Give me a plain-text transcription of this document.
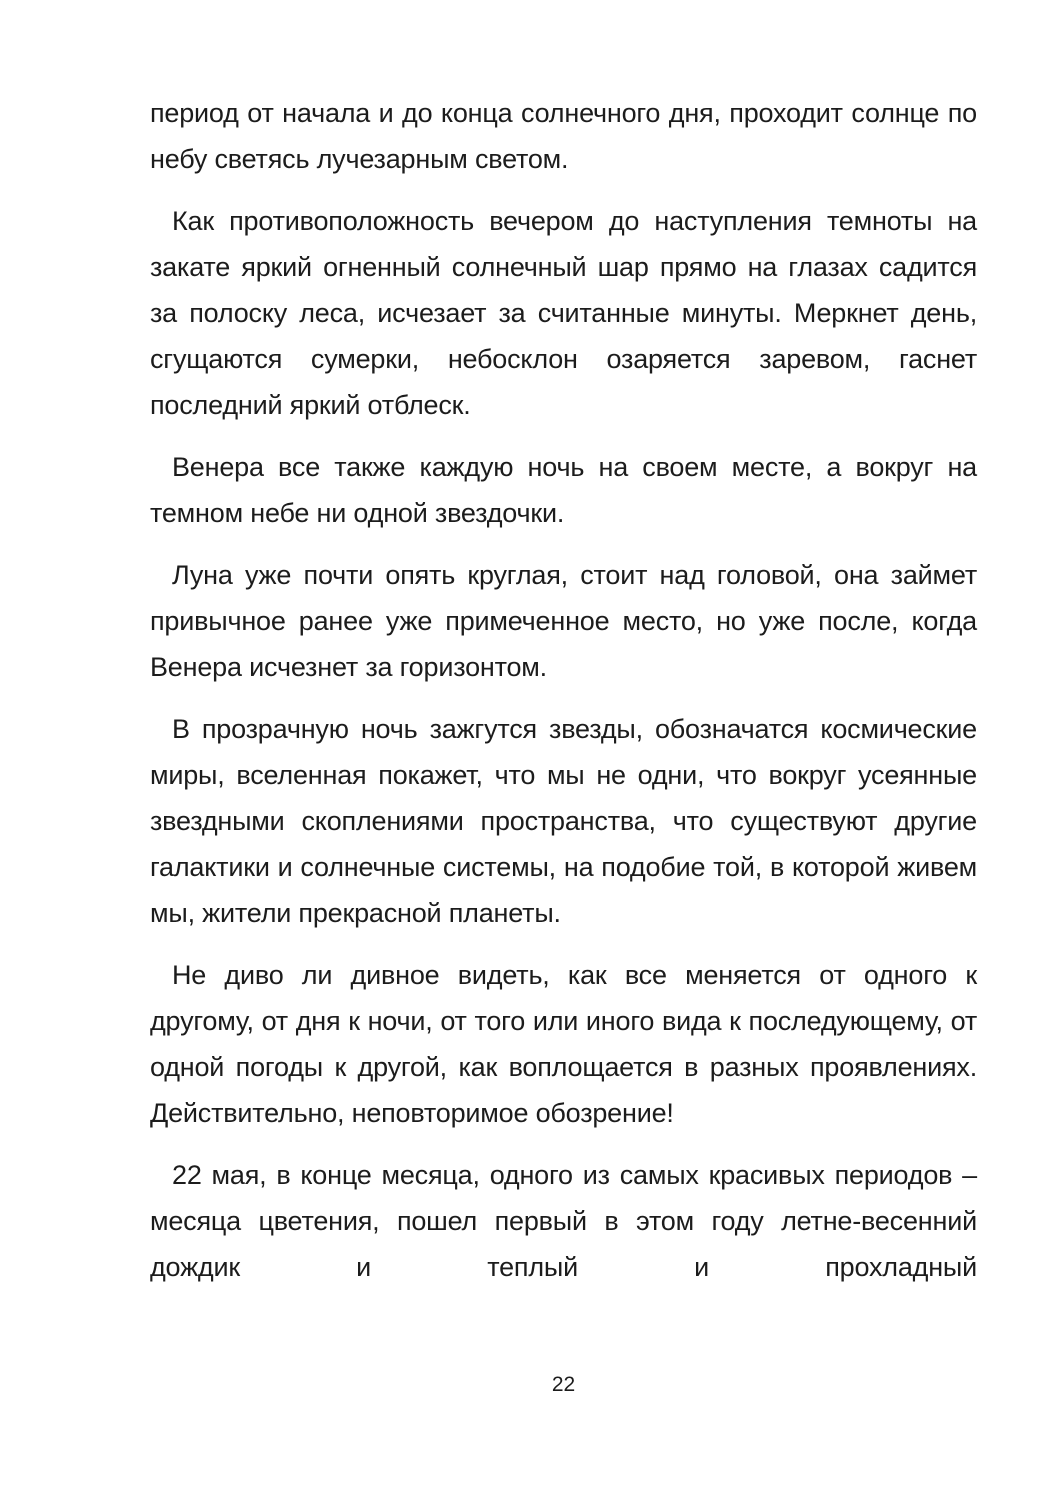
период от начала и до конца солнечного дня, проходит солнце по небу светясь лучезарным светом.

Как противоположность вечером до наступления темноты на закате яркий огненный солнечный шар прямо на глазах садится за полоску леса, исчезает за считанные минуты. Меркнет день, сгущаются сумерки, небосклон озаряется заревом, гаснет последний яркий отблеск.

Венера все также каждую ночь на своем месте, а вокруг на темном небе ни одной звездочки.

Луна уже почти опять круглая, стоит над головой, она займет привычное ранее уже примеченное место, но уже после, когда Венера исчезнет за горизонтом.

В прозрачную ночь зажгутся звезды, обозначатся космические миры, вселенная покажет, что мы не одни, что вокруг усеянные звездными скоплениями пространства, что существуют другие галактики и солнечные системы, на подобие той, в которой живем мы, жители прекрасной планеты.

Не диво ли дивное видеть, как все меняется от одного к другому, от дня к ночи, от того или иного вида к последующему, от одной погоды к другой, как воплощается в разных проявлениях. Действительно, неповторимое обозрение!

22 мая, в конце месяца, одного из самых красивых периодов – месяца цветения, пошел первый в этом году летне-весенний дождик и теплый и прохладный

22
